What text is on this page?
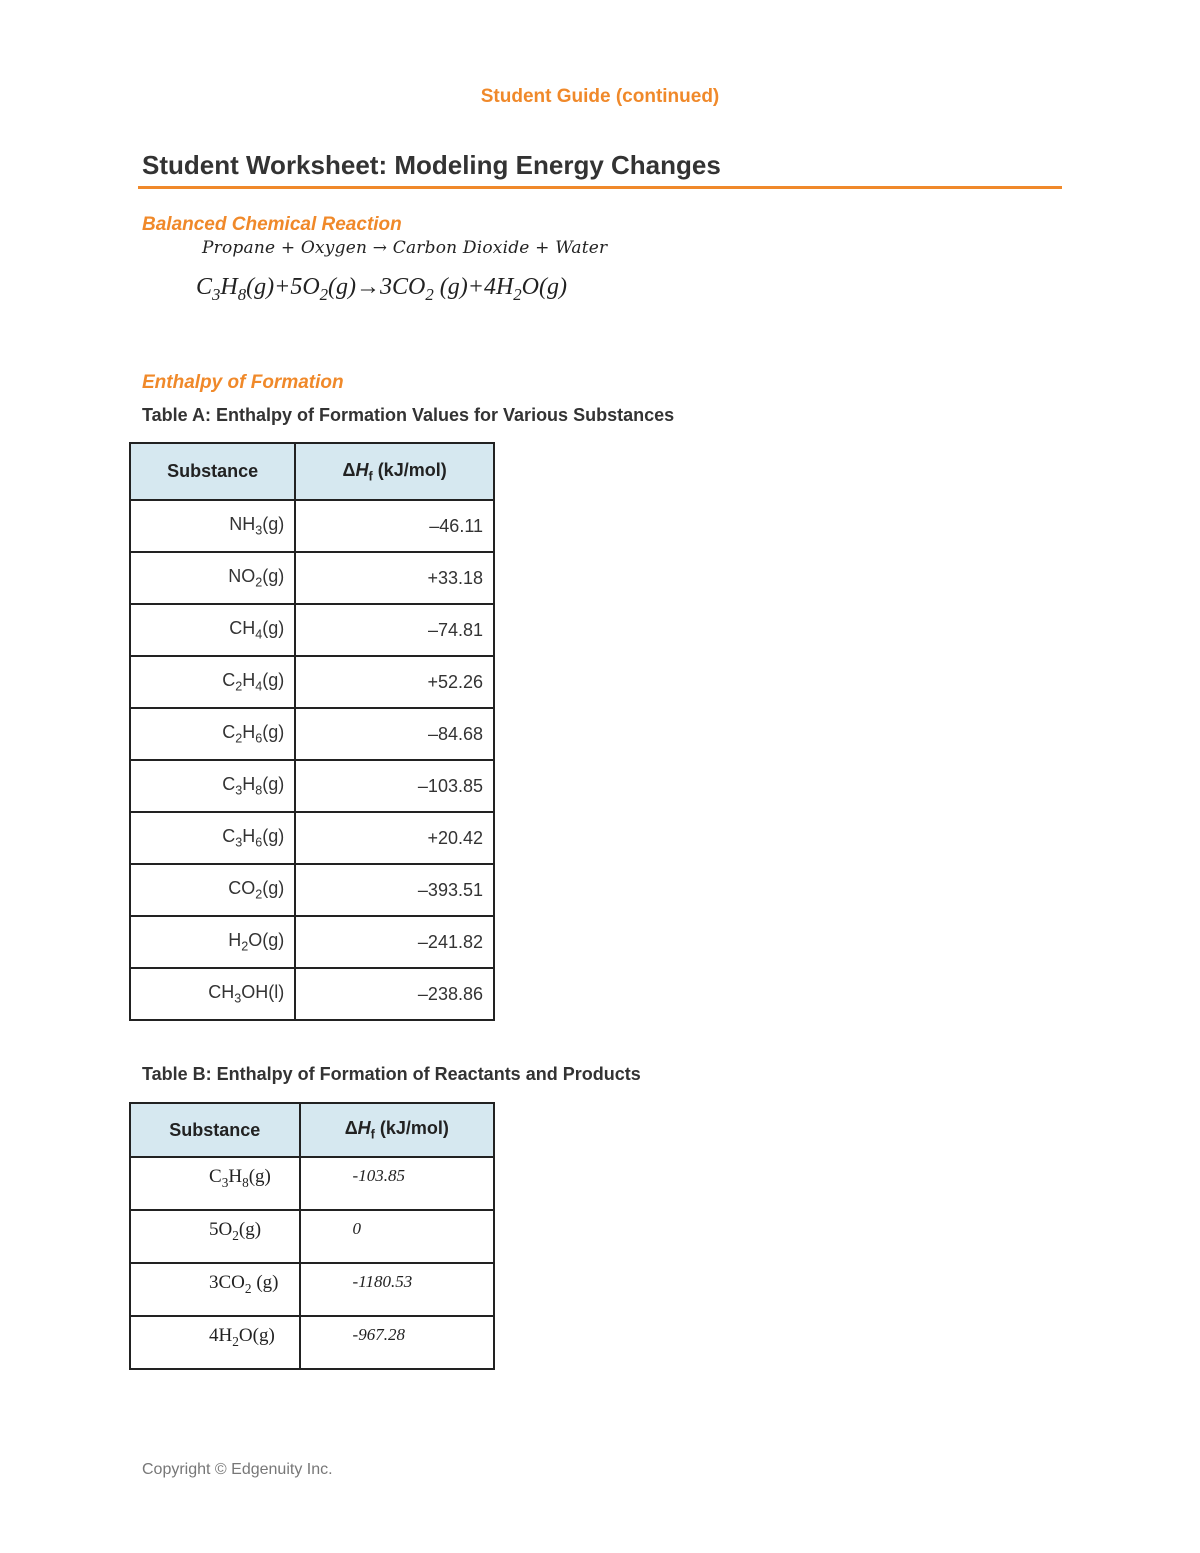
Student Guide (continued)
Student Worksheet: Modeling Energy Changes
Balanced Chemical Reaction
Propane + Oxygen → Carbon Dioxide + Water
$C_3H_8(g)+5O_2(g)\to 3CO_2$ $(g)+4H_2O(g)$
Enthalpy of Formation
Table A: Enthalpy of Formation Values for Various Substances
Substance	$\Delta H_f$ (kJ/mol)
$NH_3(g)$	–46.11
$NO_2(g)$	+33.18
$CH_4(g)$	–74.81
$C_2H_4(g)$	+52.26
$C_2H_6(g)$	–84.68
$C_3H_8(g)$	–103.85
$C_3H_6(g)$	+20.42
$CO_2(g)$	–393.51
$H_2O(g)$	–241.82
$CH_3OH(l)$	–238.86
Table B: Enthalpy of Formation of Reactants and Products
Substance	$\Delta H_f$ (kJ/mol)
$C_3H_8(g)$	-103.85
$5O_2(g)$	0
$3CO_2$ (g)	-1180.53
$4H_2O(g)$	-967.28
Copyright © Edgenuity Inc.
